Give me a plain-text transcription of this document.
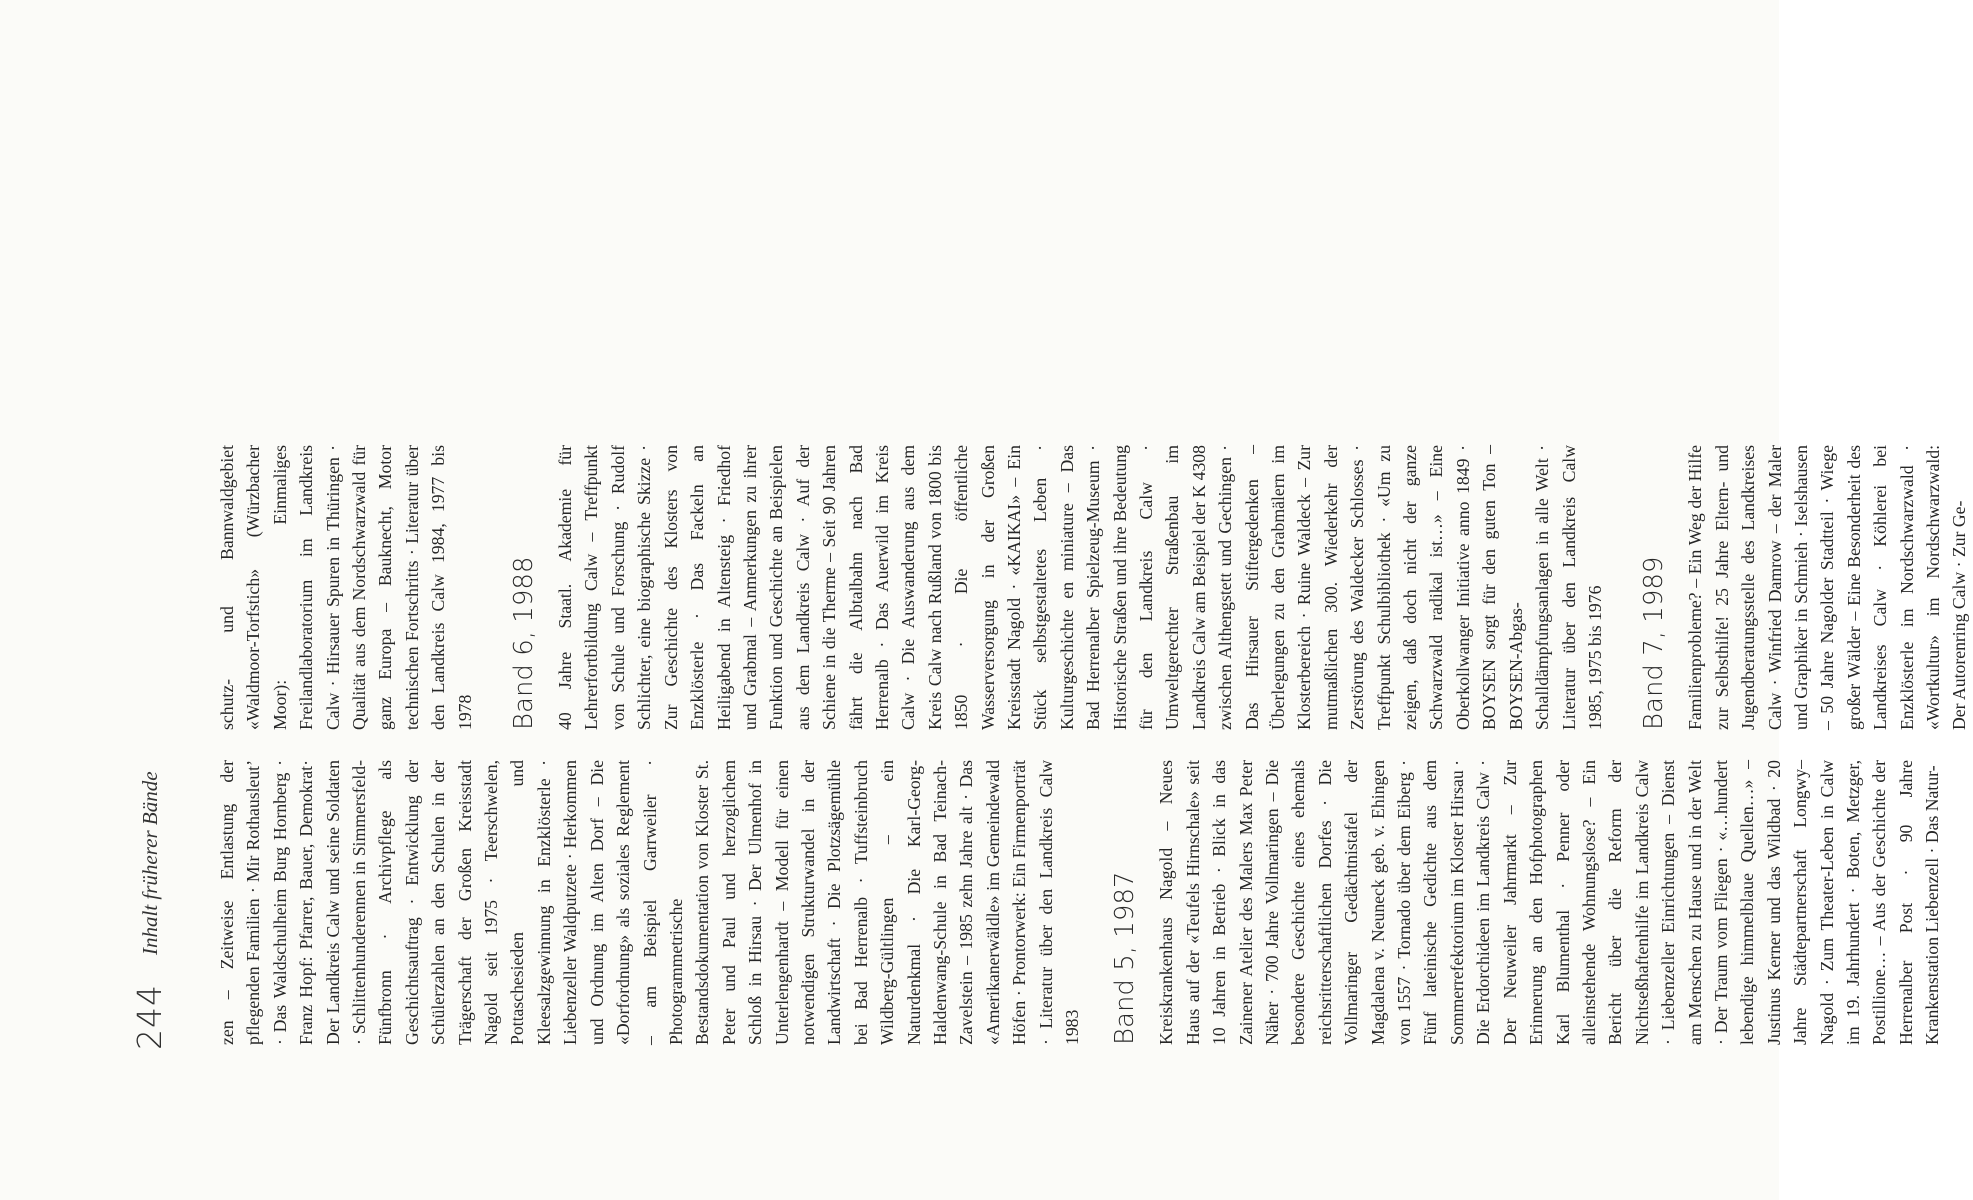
244
Inhalt früherer Bände	zen – Zeitweise Entlastung der pflegenden Familien · Mir Rothausleut’ · Das Waldschulheim Burg Hornberg · Franz Hopf: Pfarrer, Bauer, Demokrat· Der Landkreis Calw und seine Soldaten · Schlittenhunderennen in Simmersfeld-Fünfbronn · Archivpflege als Geschichtsauftrag · Entwicklung der Schülerzahlen an den Schulen in der Trägerschaft der Großen Kreisstadt Nagold seit 1975 · Teerschwelen, Pottaschesieden und Kleesalzgewinnung in Enzklösterle · Liebenzeller Waldputzete · Herkommen und Ordnung im Alten Dorf – Die «Dorfordnung» als soziales Reglement – am Beispiel Garrweiler · Photogrammetrische Bestandsdokumentation von Kloster St. Peter und Paul und herzoglichem Schloß in Hirsau · Der Ulmenhof in Unterlengenhardt – Modell für einen notwendigen Strukturwandel in der Landwirtschaft · Die Plotzsägemühle bei Bad Herrenalb · Tuffsteinbruch Wildberg-Gültlingen – ein Naturdenkmal · Die Karl-Georg-Haldenwang-Schule in Bad Teinach-Zavelstein – 1985 zehn Jahre alt · Das «Amerikanerwäldle» im Gemeindewald Höfen · Prontorwerk: Ein Firmenporträt · Literatur über den Landkreis Calw 1983 Band 5, 1987 Kreiskrankenhaus Nagold – Neues Haus auf der «Teufels Hirnschale» seit 10 Jahren in Betrieb · Blick in das Zainener Atelier des Malers Max Peter Näher · 700 Jahre Vollmaringen – Die besondere Geschichte eines ehemals reichsritterschaftlichen Dorfes · Die Vollmaringer Gedächtnistafel der Magdalena v. Neuneck geb. v. Ehingen von 1557 · Tornado über dem Eiberg · Fünf lateinische Gedichte aus dem Sommerrefektorium im Kloster Hirsau · Die Erdorchideen im Landkreis Calw · Der Neuweiler Jahrmarkt – Zur Erinnerung an den Hofphotographen Karl Blumenthal · Penner oder alleinstehende Wohnungslose? – Ein Bericht über die Reform der Nichtseßhaftenhilfe im Landkreis Calw · Liebenzeller Einrichtungen – Dienst am Menschen zu Hause und in der Welt · Der Traum vom Fliegen · «…hundert lebendige himmelblaue Quellen…» – Justinus Kerner und das Wildbad · 20 Jahre Städtepartnerschaft Longwy–Nagold · Zum Theater-Leben in Calw im 19. Jahrhundert · Boten, Metzger, Postillione… – Aus der Geschichte der Herrenalber Post · 90 Jahre Krankenstation Liebenzell · Das Natur-

schutz- und Bannwaldgebiet «Waldmoor-Torfstich» (Würzbacher Moor): Einmaliges Freilandlaboratorium im Landkreis Calw · Hirsauer Spuren in Thüringen · Qualität aus dem Nordschwarzwald für ganz Europa – Bauknecht, Motor technischen Fortschritts · Literatur über den Landkreis Calw 1984, 1977 bis 1978 Band 6, 1988 40 Jahre Staatl. Akademie für Lehrerfortbildung Calw – Treffpunkt von Schule und Forschung · Rudolf Schlichter, eine biographische Skizze · Zur Geschichte des Klosters von Enzklösterle · Das Fackeln an Heiligabend in Altensteig · Friedhof und Grabmal – Anmerkungen zu ihrer Funktion und Geschichte an Beispielen aus dem Landkreis Calw · Auf der Schiene in die Therme – Seit 90 Jahren fährt die Albtalbahn nach Bad Herrenalb · Das Auerwild im Kreis Calw · Die Auswanderung aus dem Kreis Calw nach Rußland von 1800 bis 1850 · Die öffentliche Wasserversorgung in der Großen Kreisstadt Nagold · «KAIKAI» – Ein Stück selbstgestaltetes Leben · Kulturgeschichte en miniature – Das Bad Herrenalber Spielzeug-Museum · Historische Straßen und ihre Bedeutung für den Landkreis Calw · Umweltgerechter Straßenbau im Landkreis Calw am Beispiel der K 4308 zwischen Althengstett und Gechingen · Das Hirsauer Stiftergedenken – Überlegungen zu den Grabmälern im Klosterbereich · Ruine Waldeck – Zur mutmaßlichen 300. Wiederkehr der Zerstörung des Waldecker Schlosses · Treffpunkt Schulbibliothek · «Um zu zeigen, daß doch nicht der ganze Schwarzwald radikal ist…» – Eine Oberkollwanger Initiative anno 1849 · BOYSEN sorgt für den guten Ton – BOYSEN-Abgas-Schalldämpfungsanlagen in alle Welt · Literatur über den Landkreis Calw 1985, 1975 bis 1976 Band 7, 1989 Familienprobleme? – Ein Weg der Hilfe zur Selbsthilfe! 25 Jahre Eltern- und Jugendberatungsstelle des Landkreises Calw · Winfried Damrow – der Maler und Graphiker in Schmieh · Iselshausen – 50 Jahre Nagolder Stadtteil · Wiege großer Wälder – Eine Besonderheit des Landkreises Calw · Köhlerei bei Enzklösterle im Nordschwarzwald · «Wortkultur» im Nordschwarzwald: Der Autorenring Calw · Zur Ge-
